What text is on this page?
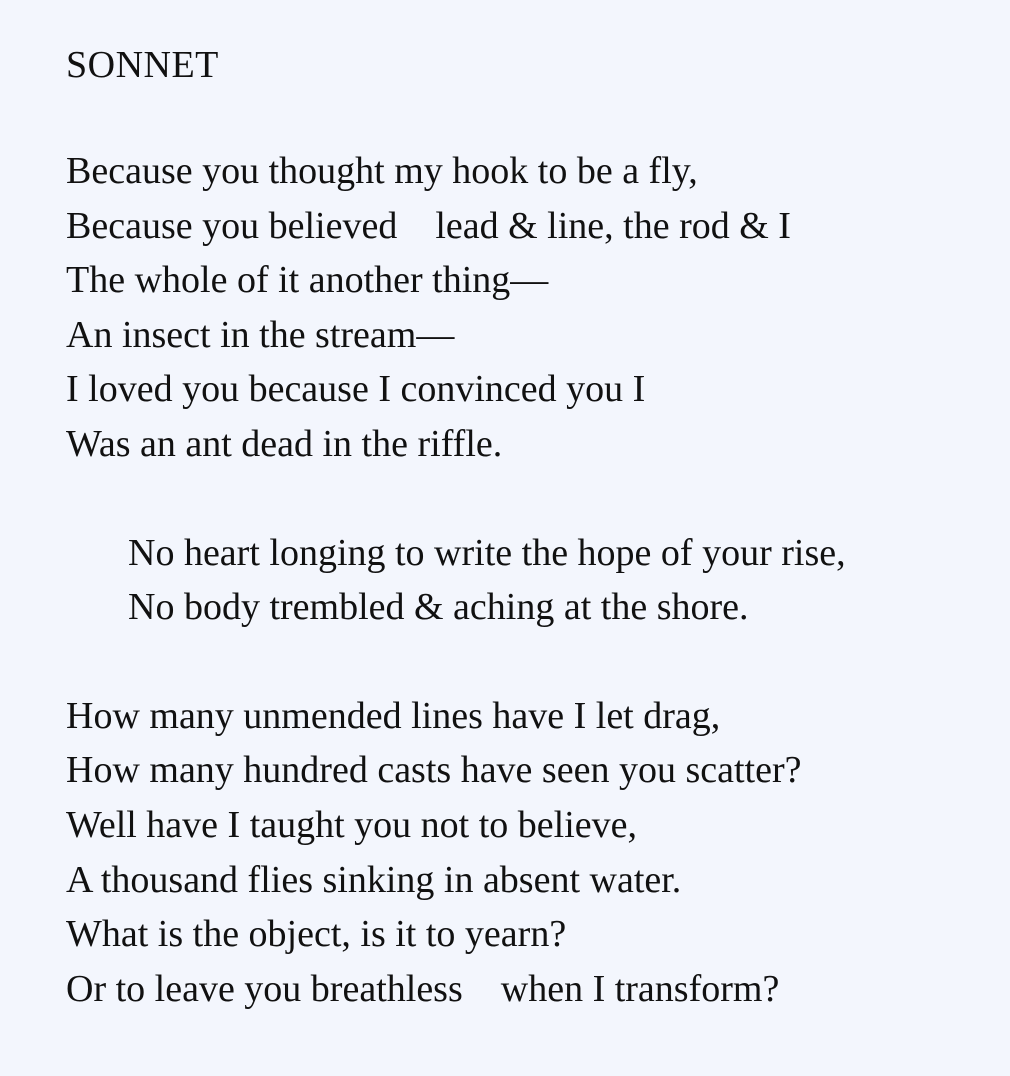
SONNET
Because you thought my hook to be a fly,
Because you believed    lead & line, the rod & I
The whole of it another thing—
An insect in the stream—
I loved you because I convinced you I
Was an ant dead in the riffle.
No heart longing to write the hope of your rise,
No body trembled & aching at the shore.
How many unmended lines have I let drag,
How many hundred casts have seen you scatter?
Well have I taught you not to believe,
A thousand flies sinking in absent water.
What is the object, is it to yearn?
Or to leave you breathless    when I transform?
